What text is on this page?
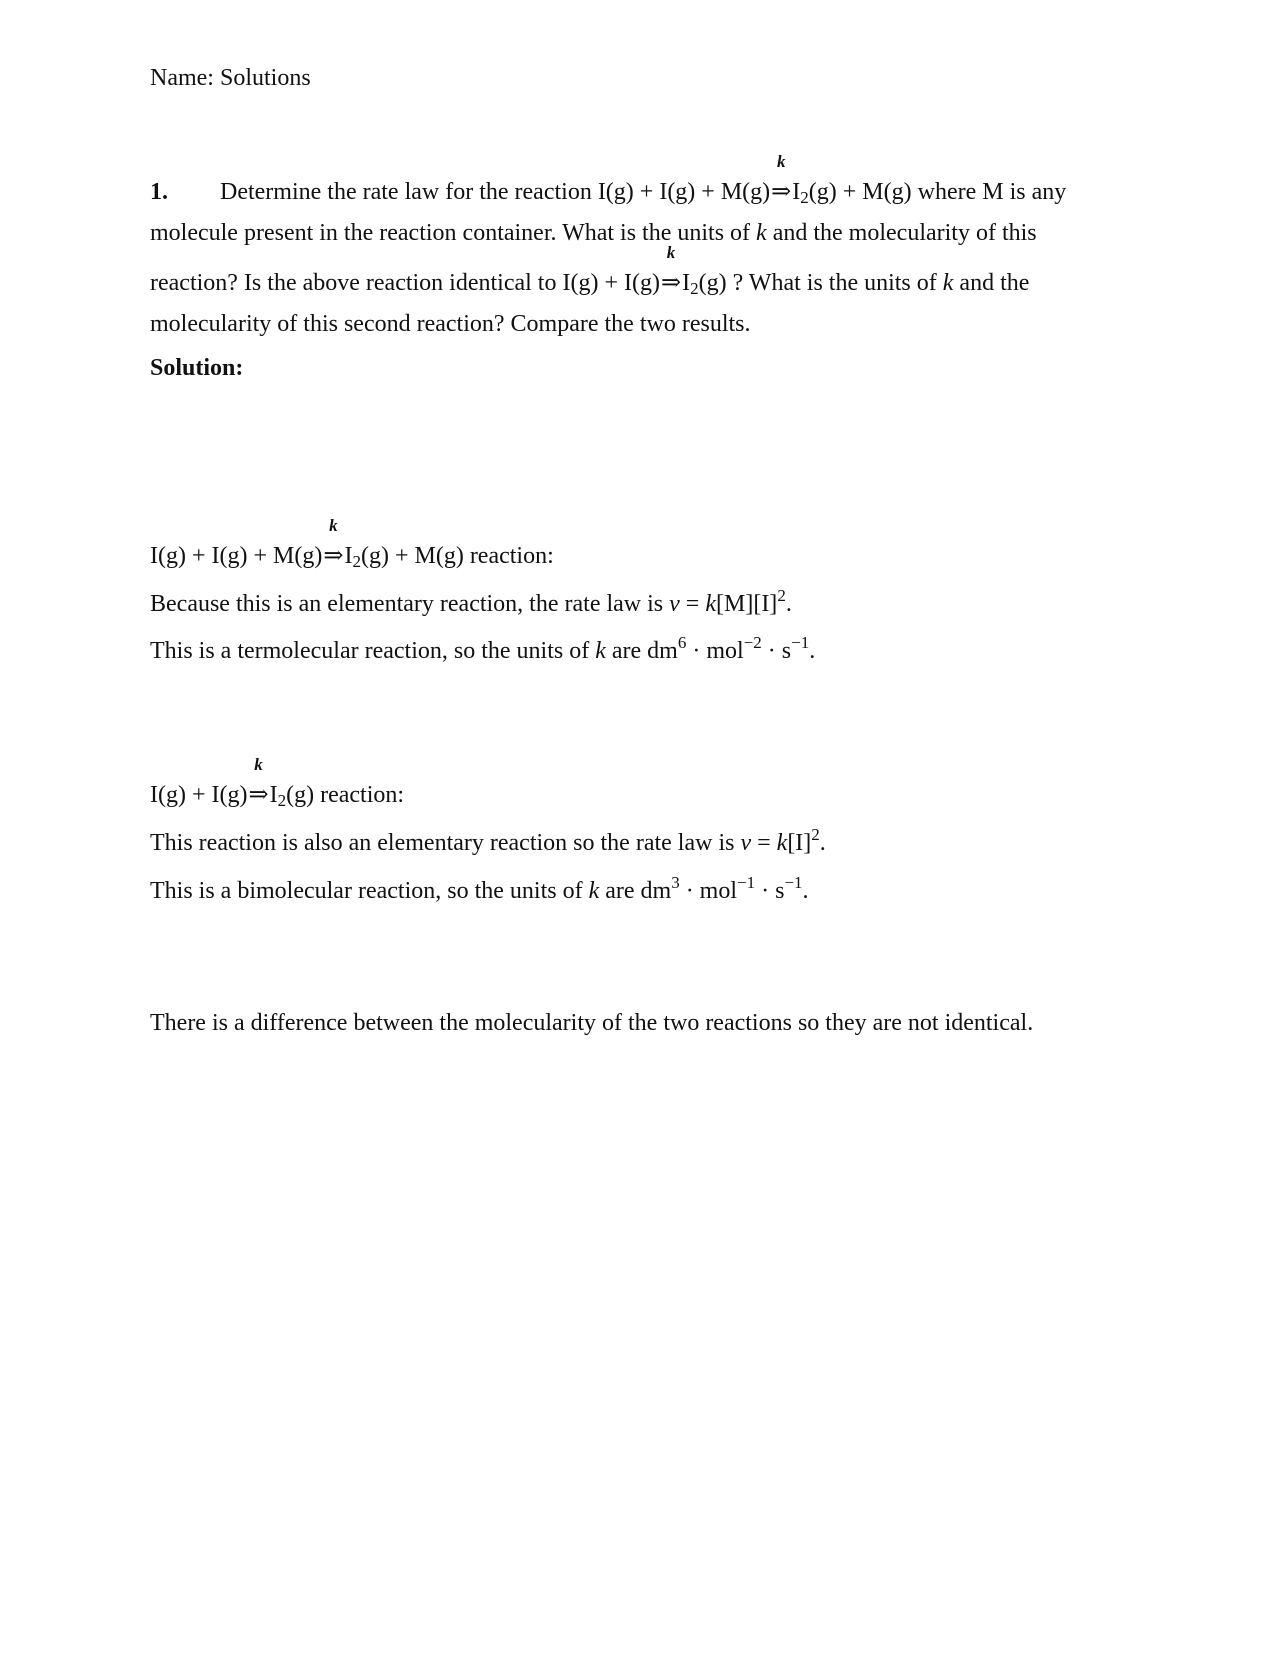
Name: Solutions
1. Determine the rate law for the reaction I(g) + I(g) + M(g)
k
$\Rightarrow I_2(g) + M(g)$ where M is any
molecule present in the reaction container. What is the units of k and the molecularity of this
reaction? Is the above reaction identical to I(g) + I(g)
k
$\Rightarrow I_2(g)$ ? What is the units of k and the
molecularity of this second reaction? Compare the two results.
Solution:
I(g) + I(g) + M(g)
k
$\Rightarrow I_2(g) + M(g)$ reaction:
Because this is an elementary reaction, the rate law is $v = k[M][I]^2$.
This is a termolecular reaction, so the units of k are $dm^6 \cdot mol^{-2} \cdot s^{-1}$.
I(g) + I(g)
k
$\Rightarrow I_2(g)$ reaction:
This reaction is also an elementary reaction so the rate law is $v = k[I]^2$.
This is a bimolecular reaction, so the units of k are $dm^3 \cdot mol^{-1} \cdot s^{-1}$.
There is a difference between the molecularity of the two reactions so they are not identical.
